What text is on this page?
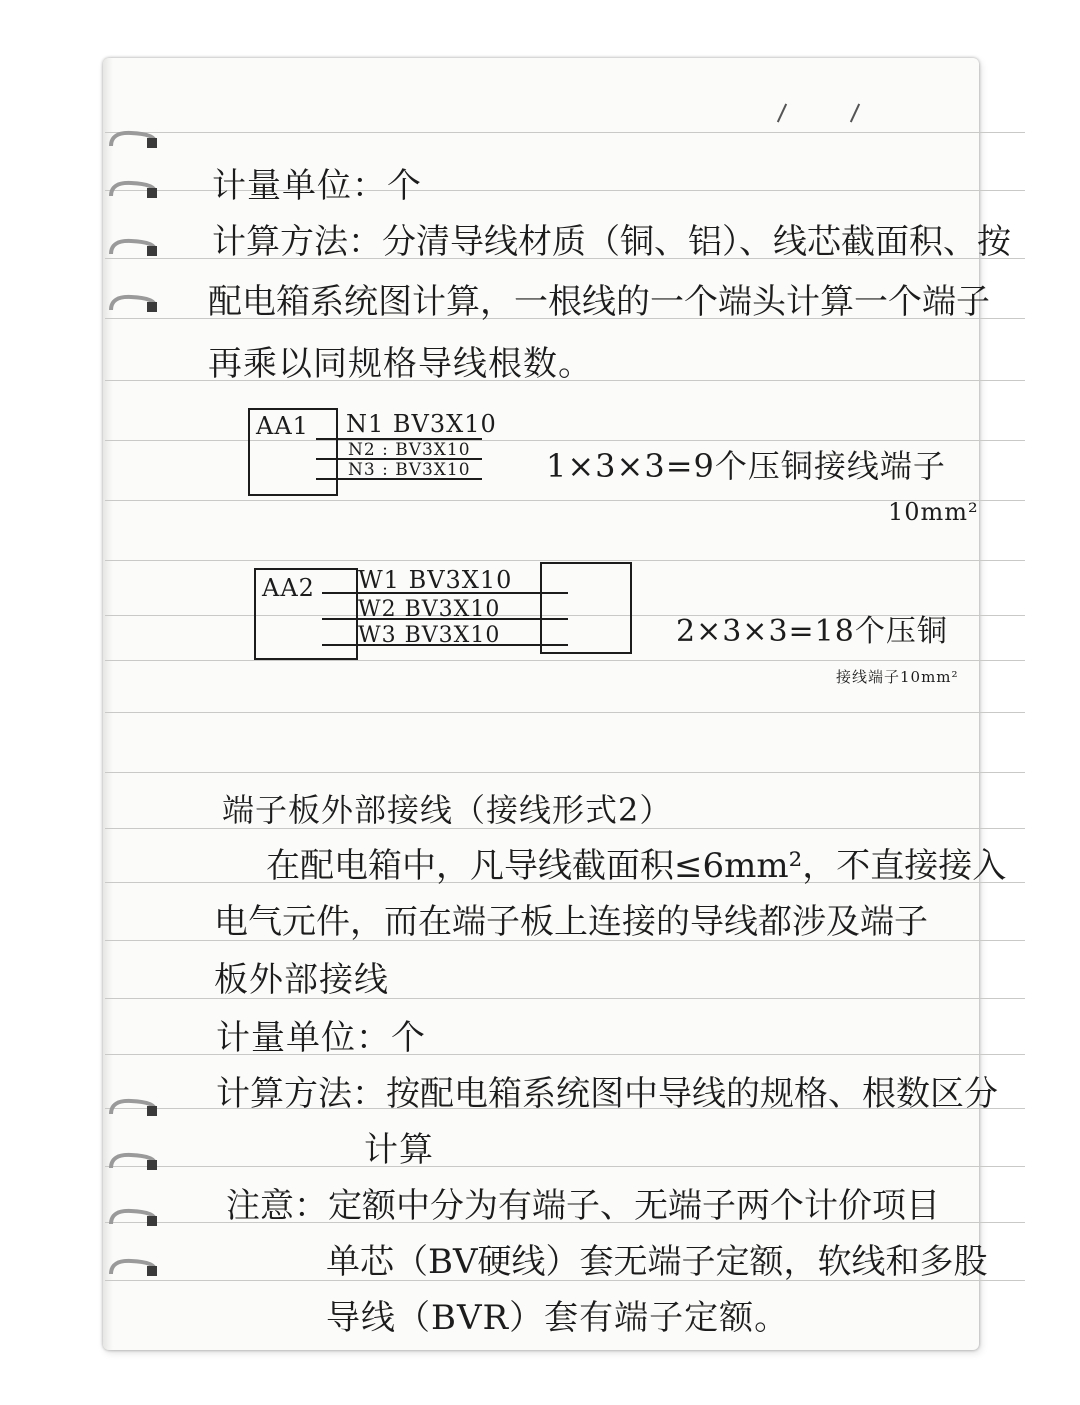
计量单位：个
计算方法：分清导线材质（铜、铝）、线芯截面积、按
配电箱系统图计算，一根线的一个端头计算一个端子
再乘以同规格导线根数。
AA1 N1 BV3X10
N2 : BV3X10
N3 : BV3X10 1×3×3=9个压铜接线端子
10mm²
AA2 W1 BV3X10
W2 BV3X10
W3 BV3X10	2×3×3=18个压铜
接线端子10mm²
端子板外部接线（接线形式2）
在配电箱中，凡导线截面积≤6mm²，不直接接入
电气元件，而在端子板上连接的导线都涉及端子
板外部接线
计量单位：个
计算方法：按配电箱系统图中导线的规格、根数区分
计算
注意：定额中分为有端子、无端子两个计价项目
单芯（BV硬线）套无端子定额，软线和多股
导线（BVR）套有端子定额。
